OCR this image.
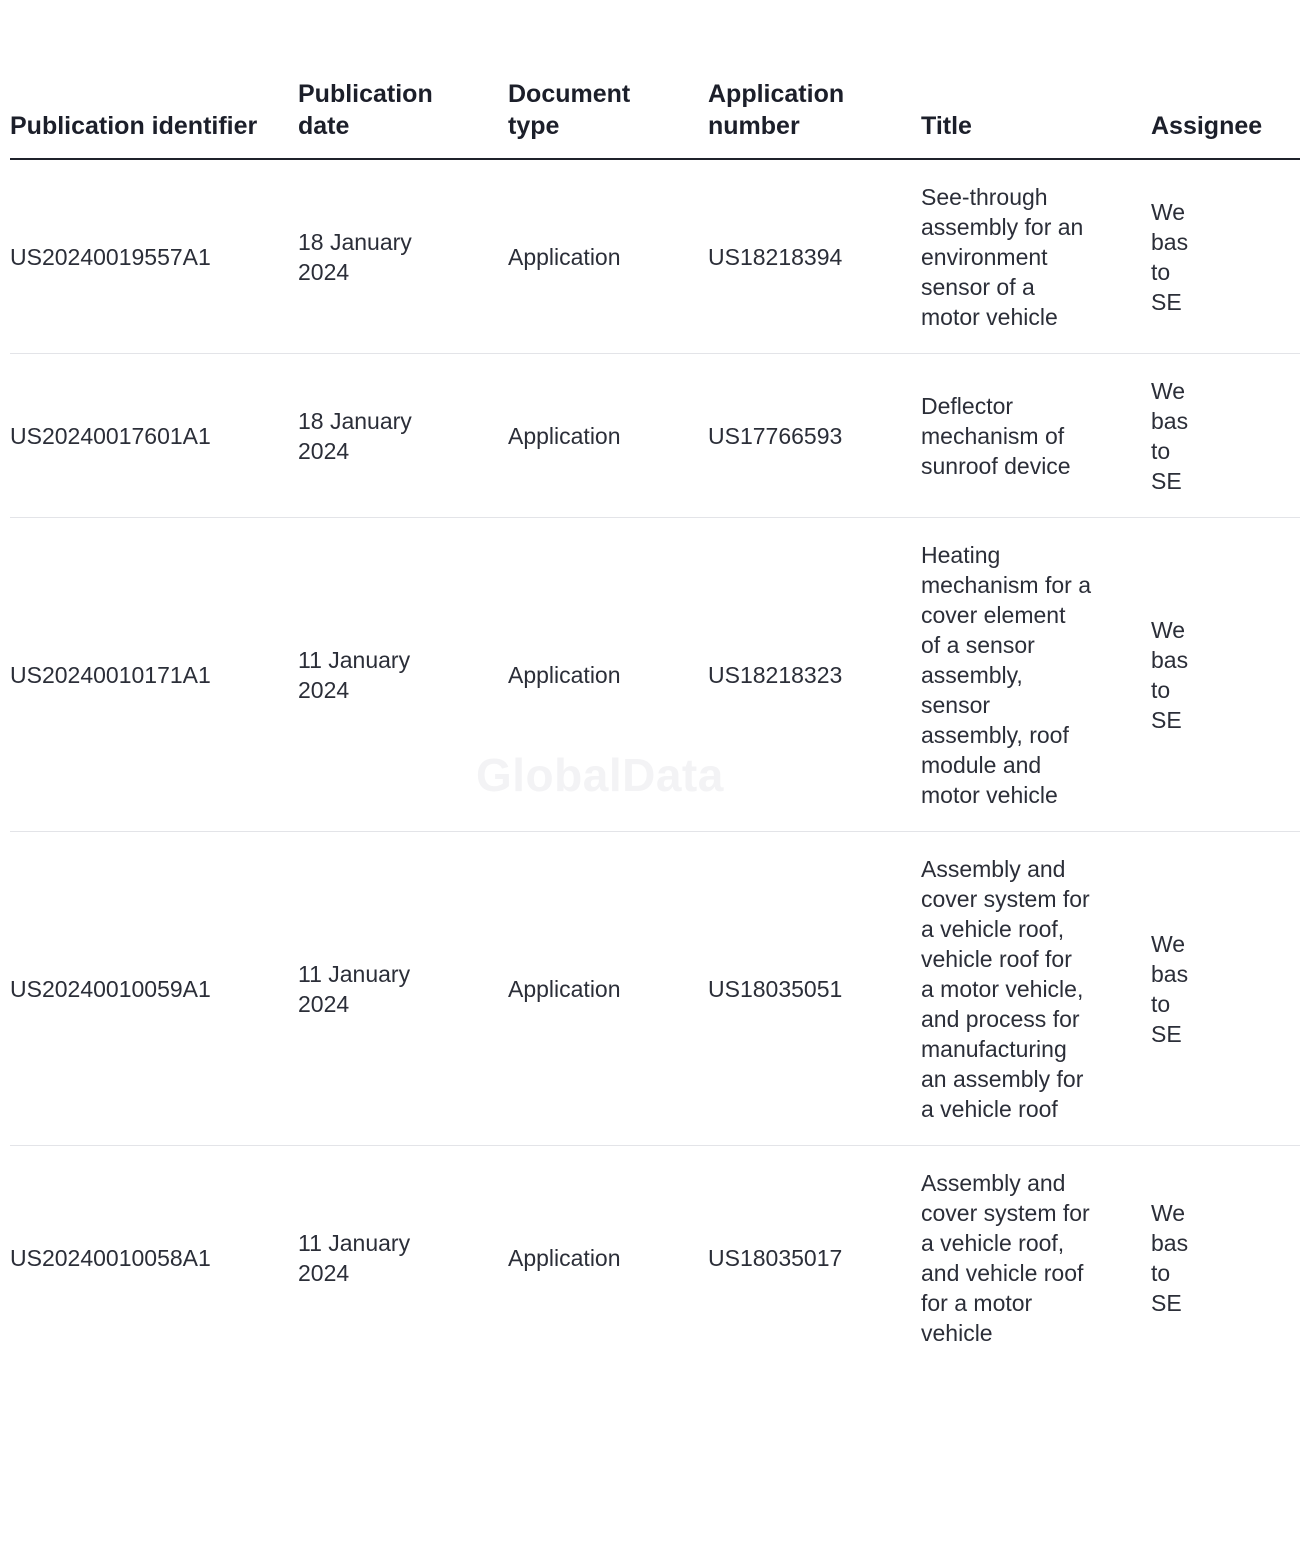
GlobalData
Publication identifier	Publication date	Document type	Application number	Title	Assignee

US20240019557A1	18 January 2024	Application	US18218394	See-through assembly for an environment sensor of a motor vehicle	Webasto SE

US20240017601A1	18 January 2024	Application	US17766593	Deflector mechanism of sunroof device	Webasto SE

US20240010171A1	11 January 2024	Application	US18218323	Heating mechanism for a cover element of a sensor assembly, sensor assembly, roof module and motor vehicle	Webasto SE

US20240010059A1	11 January 2024	Application	US18035051	Assembly and cover system for a vehicle roof, vehicle roof for a motor vehicle, and process for manufacturing an assembly for a vehicle roof	Webasto SE

US20240010058A1	11 January 2024	Application	US18035017	Assembly and cover system for a vehicle roof, and vehicle roof for a motor vehicle	Webasto SE
